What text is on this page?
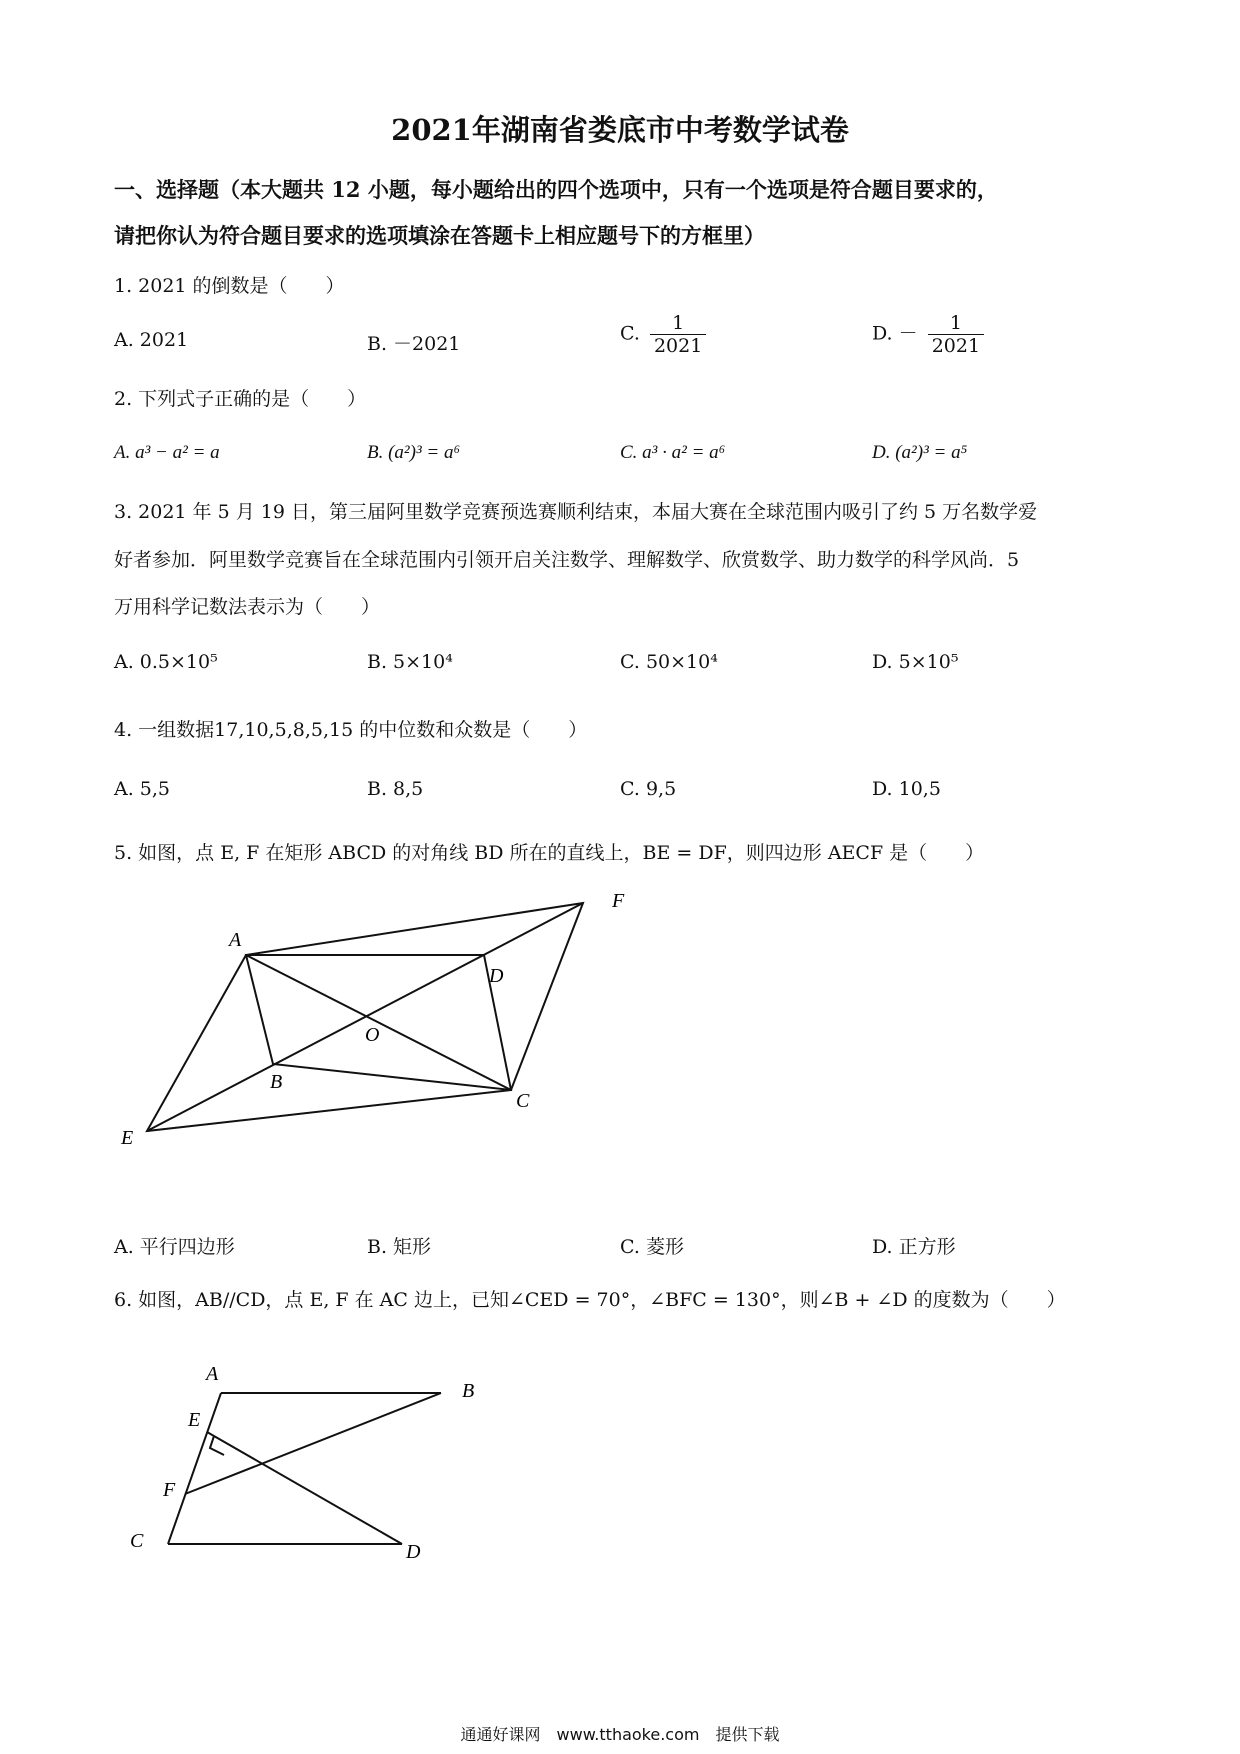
2021年湖南省娄底市中考数学试卷
一、选择题（本大题共 12 小题，每小题给出的四个选项中，只有一个选项是符合题目要求的，
请把你认为符合题目要求的选项填涂在答题卡上相应题号下的方框里）
1. 2021 的倒数是（　　）
A. 2021	B. －2021	C. $\frac{1}{2021}$	D. － $\frac{1}{2021}$
2. 下列式子正确的是（　　）
A. a³ − a² = a	B. (a²)³ = a⁶	C. a³ · a² = a⁶	D. (a²)³ = a⁵
3. 2021 年 5 月 19 日，第三届阿里数学竞赛预选赛顺利结束，本届大赛在全球范围内吸引了约 5 万名数学爱
好者参加．阿里数学竞赛旨在全球范围内引领开启关注数学、理解数学、欣赏数学、助力数学的科学风尚．5
万用科学记数法表示为（　　）
A. 0.5×10⁵	B. 5×10⁴	C. 50×10⁴	D. 5×10⁵
4. 一组数据17,10,5,8,5,15 的中位数和众数是（　　）
A. 5,5	B. 8,5	C. 9,5	D. 10,5
5. 如图，点 E, F 在矩形 ABCD 的对角线 BD 所在的直线上，BE = DF，则四边形 AECF 是（　　）
A
F
D
O
B
C
E
A
B
E
F
C	D
A. 平行四边形	B. 矩形	C. 菱形	D. 正方形
6. 如图，AB//CD，点 E, F 在 AC 边上，已知∠CED = 70°，∠BFC = 130°，则∠B + ∠D 的度数为（　　）
通通好课网　www.tthaoke.com　提供下载
